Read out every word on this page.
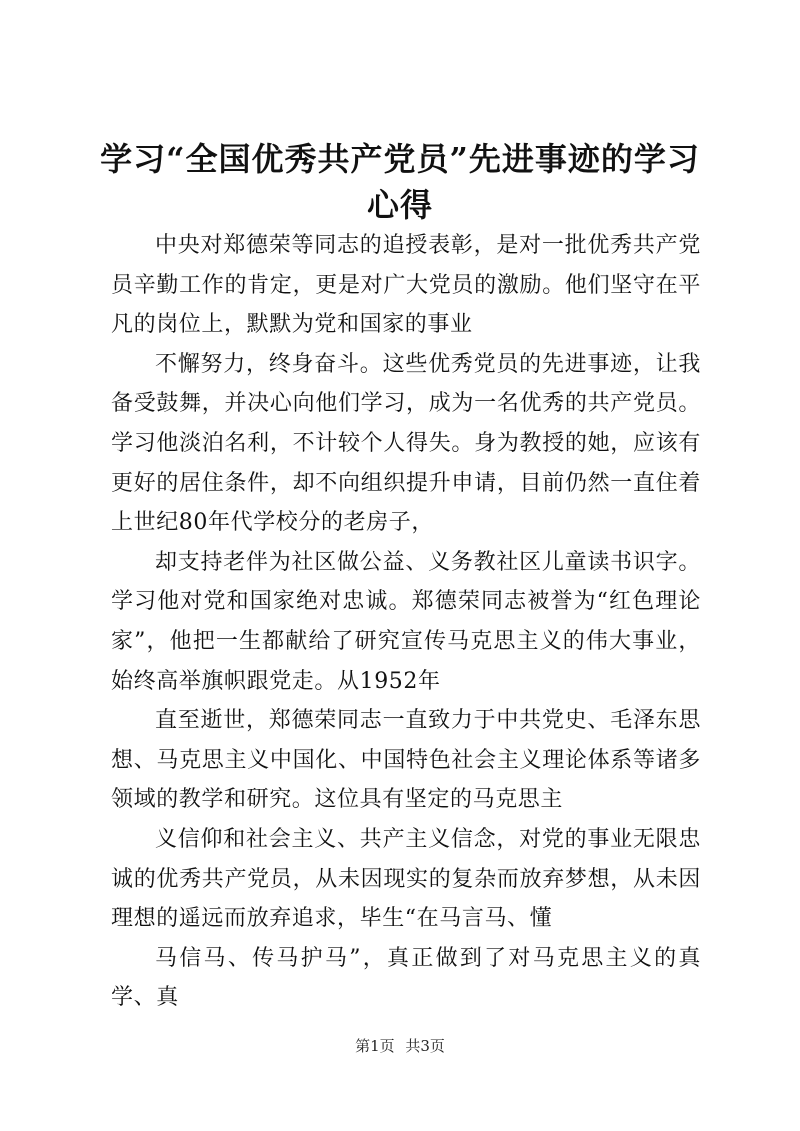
学习“全国优秀共产党员”先进事迹的学习心得

中央对郑德荣等同志的追授表彰，是对一批优秀共产党员辛勤工作的肯定，更是对广大党员的激励。他们坚守在平凡的岗位上，默默为党和国家的事业

不懈努力，终身奋斗。这些优秀党员的先进事迹，让我备受鼓舞，并决心向他们学习，成为一名优秀的共产党员。学习他淡泊名利，不计较个人得失。身为教授的她，应该有更好的居住条件，却不向组织提升申请，目前仍然一直住着上世纪80年代学校分的老房子，

却支持老伴为社区做公益、义务教社区儿童读书识字。学习他对党和国家绝对忠诚。郑德荣同志被誉为“红色理论家”，他把一生都献给了研究宣传马克思主义的伟大事业，始终高举旗帜跟党走。从1952年

直至逝世，郑德荣同志一直致力于中共党史、毛泽东思想、马克思主义中国化、中国特色社会主义理论体系等诸多领域的教学和研究。这位具有坚定的马克思主

义信仰和社会主义、共产主义信念，对党的事业无限忠诚的优秀共产党员，从未因现实的复杂而放弃梦想，从未因理想的遥远而放弃追求，毕生“在马言马、懂

马信马、传马护马”，真正做到了对马克思主义的真学、真

第1页 共3页
